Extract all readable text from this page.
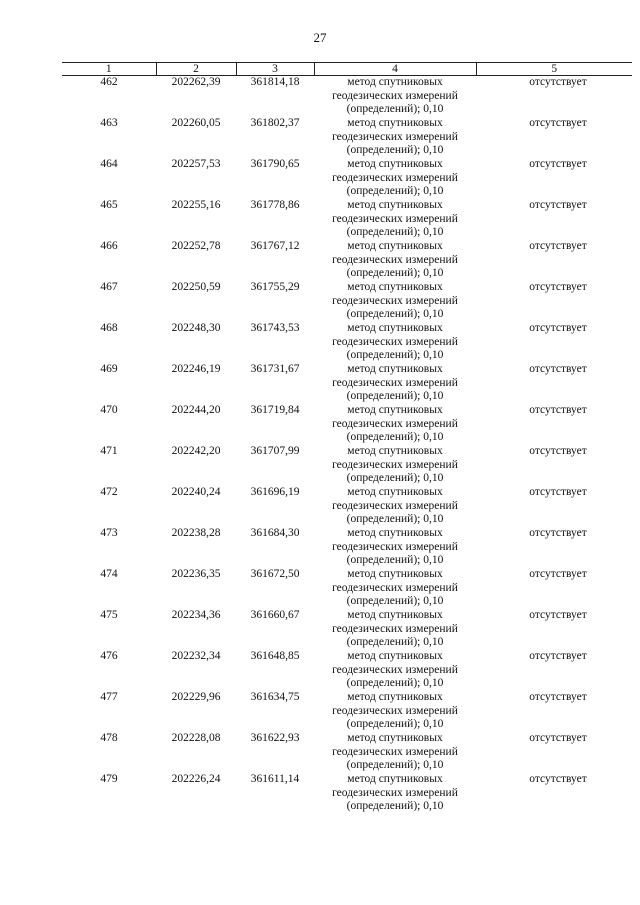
27
1	2	3	4	5
462	202262,39	361814,18	метод спутниковых
геодезических измерений
(определений); 0,10	отсутствует
463	202260,05	361802,37	метод спутниковых
геодезических измерений
(определений); 0,10	отсутствует
464	202257,53	361790,65	метод спутниковых
геодезических измерений
(определений); 0,10	отсутствует
465	202255,16	361778,86	метод спутниковых
геодезических измерений
(определений); 0,10	отсутствует
466	202252,78	361767,12	метод спутниковых
геодезических измерений
(определений); 0,10	отсутствует
467	202250,59	361755,29	метод спутниковых
геодезических измерений
(определений); 0,10	отсутствует
468	202248,30	361743,53	метод спутниковых
геодезических измерений
(определений); 0,10	отсутствует
469	202246,19	361731,67	метод спутниковых
геодезических измерений
(определений); 0,10	отсутствует
470	202244,20	361719,84	метод спутниковых
геодезических измерений
(определений); 0,10	отсутствует
471	202242,20	361707,99	метод спутниковых
геодезических измерений
(определений); 0,10	отсутствует
472	202240,24	361696,19	метод спутниковых
геодезических измерений
(определений); 0,10	отсутствует
473	202238,28	361684,30	метод спутниковых
геодезических измерений
(определений); 0,10	отсутствует
474	202236,35	361672,50	метод спутниковых
геодезических измерений
(определений); 0,10	отсутствует
475	202234,36	361660,67	метод спутниковых
геодезических измерений
(определений); 0,10	отсутствует
476	202232,34	361648,85	метод спутниковых
геодезических измерений
(определений); 0,10	отсутствует
477	202229,96	361634,75	метод спутниковых
геодезических измерений
(определений); 0,10	отсутствует
478	202228,08	361622,93	метод спутниковых
геодезических измерений
(определений); 0,10	отсутствует
479	202226,24	361611,14	метод спутниковых
геодезических измерений
(определений); 0,10	отсутствует
